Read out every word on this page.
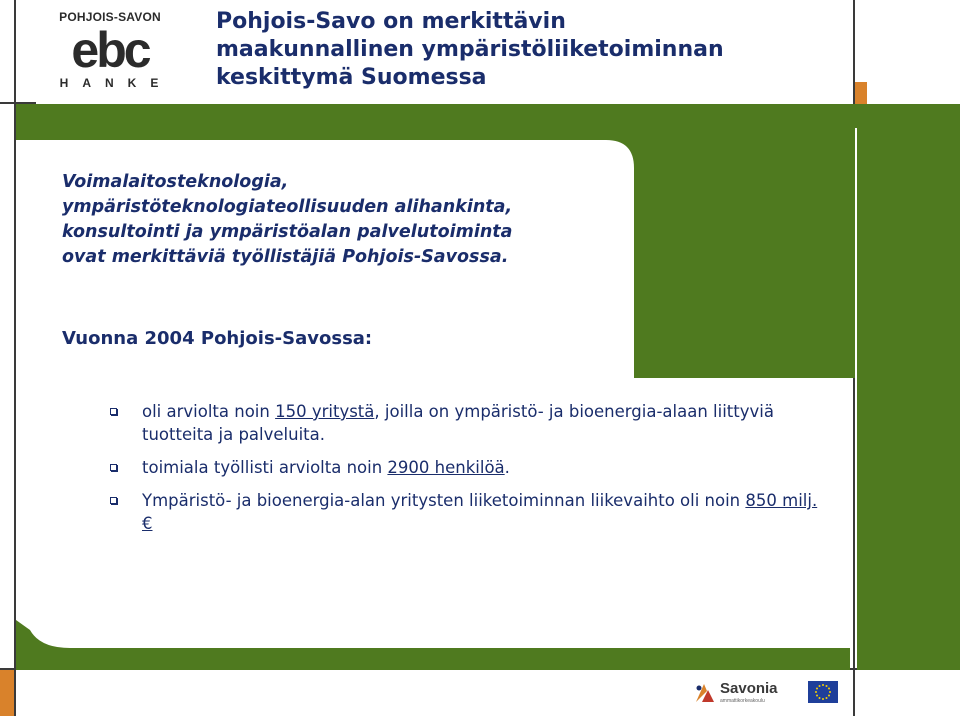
POHJOIS-SAVON
ebc
HANKE
Pohjois-Savo on merkittävin
maakunnallinen ympäristöliiketoiminnan
keskittymä Suomessa
Voimalaitosteknologia,
ympäristöteknologiateollisuuden alihankinta,
konsultointi ja ympäristöalan palvelutoiminta
ovat merkittäviä työllistäjiä Pohjois-Savossa.
Vuonna 2004 Pohjois-Savossa:
oli arviolta noin 150 yritystä, joilla on ympäristö- ja bioenergia-alaan liittyviä tuotteita ja palveluita.
toimiala työllisti arviolta noin 2900 henkilöä.
Ympäristö- ja bioenergia-alan yritysten liiketoiminnan liikevaihto oli noin 850 milj. €
Savonia
ammattikorkeakoulu
